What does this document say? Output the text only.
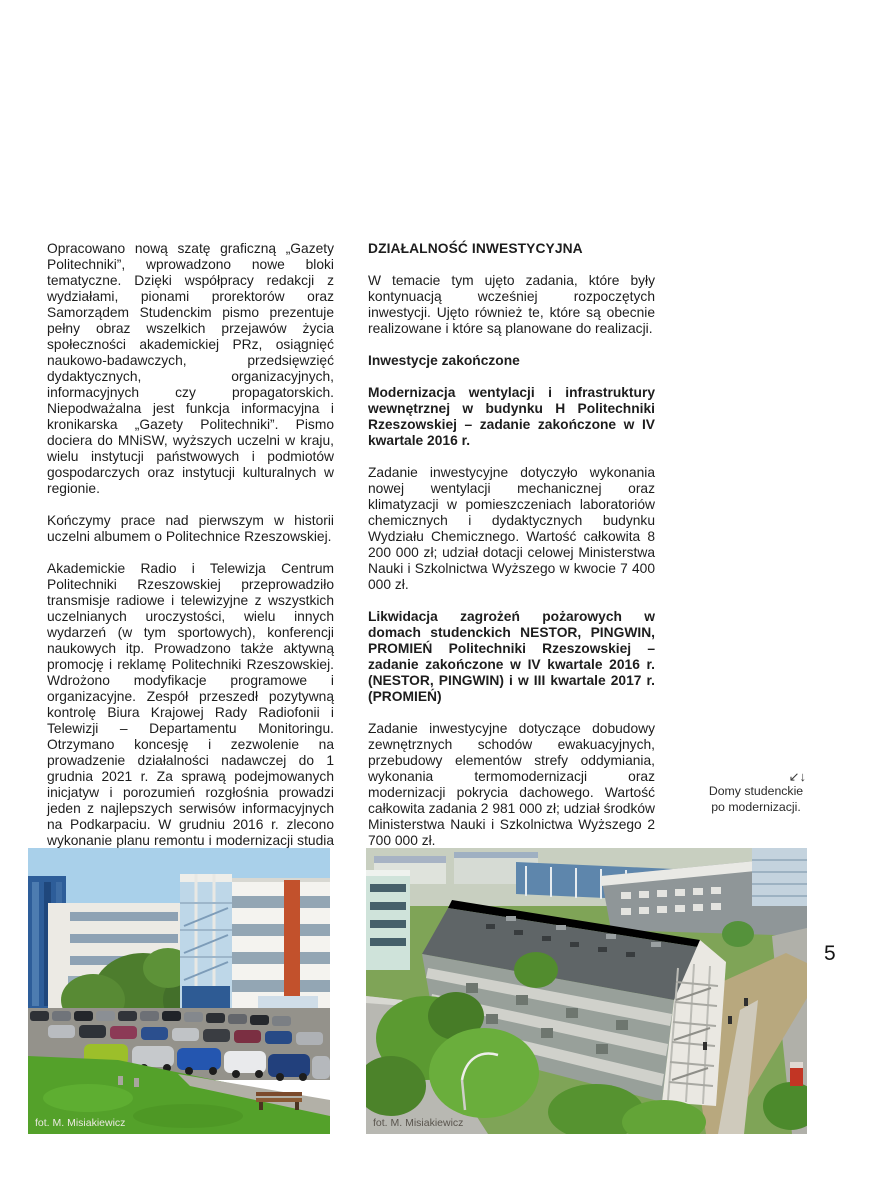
Opracowano nową szatę graficzną „Gazety Politechniki”, wprowadzono nowe bloki tematyczne. Dzięki współpracy redakcji z wydziałami, pionami prorektorów oraz Samorządem Studenckim pismo prezentuje pełny obraz wszelkich przejawów życia społeczności akademickiej PRz, osiągnięć naukowo-badawczych, przedsięwzięć dydaktycznych, organizacyjnych, informacyjnych czy propagatorskich. Niepodważalna jest funkcja informacyjna i kronikarska „Gazety Politechniki”. Pismo dociera do MNiSW, wyższych uczelni w kraju, wielu instytucji państwowych i podmiotów gospodarczych oraz instytucji kulturalnych w regionie.

Kończymy prace nad pierwszym w historii uczelni albumem o Politechnice Rzeszowskiej.

Akademickie Radio i Telewizja Centrum Politechniki Rzeszowskiej przeprowadziło transmisje radiowe i telewizyjne z wszystkich uczelnianych uroczystości, wielu innych wydarzeń (w tym sportowych), konferencji naukowych itp. Prowadzono także aktywną promocję i reklamę Politechniki Rzeszowskiej. Wdrożono modyfikacje programowe i organizacyjne. Zespół przeszedł pozytywną kontrolę Biura Krajowej Rady Radiofonii i Telewizji – Departamentu Monitoringu. Otrzymano koncesję i zezwolenie na prowadzenie działalności nadawczej do 1 grudnia 2021 r. Za sprawą podejmowanych inicjatyw i porozumień rozgłośnia prowadzi jeden z najlepszych serwisów informacyjnych na Podkarpaciu. W grudniu 2016 r. zlecono wykonanie planu remontu i modernizacji studia

DZIAŁALNOŚĆ INWESTYCYJNA

W temacie tym ujęto zadania, które były kontynuacją wcześniej rozpoczętych inwestycji. Ujęto również te, które są obecnie realizowane i które są planowane do realizacji.

Inwestycje zakończone

Modernizacja wentylacji i infrastruktury wewnętrznej w budynku H Politechniki Rzeszowskiej – zadanie zakończone w IV kwartale 2016 r.

Zadanie inwestycyjne dotyczyło wykonania nowej wentylacji mechanicznej oraz klimatyzacji w pomieszczeniach laboratoriów chemicznych i dydaktycznych budynku Wydziału Chemicznego. Wartość całkowita 8 200 000 zł; udział dotacji celowej Ministerstwa Nauki i Szkolnictwa Wyższego w kwocie 7 400 000 zł.

Likwidacja zagrożeń pożarowych w domach studenckich NESTOR, PINGWIN, PROMIEŃ Politechniki Rzeszowskiej – zadanie zakończone w IV kwartale 2016 r. (NESTOR, PINGWIN) i w III kwartale 2017 r. (PROMIEŃ)

Zadanie inwestycyjne dotyczące dobudowy zewnętrznych schodów ewakuacyjnych, przebudowy elementów strefy oddymiania, wykonania termomodernizacji oraz modernizacji pokrycia dachowego. Wartość całkowita zadania 2 981 000 zł; udział środków Ministerstwa Nauki i Szkolnictwa Wyższego 2 700 000 zł.

↙↓
Domy studenckie
po modernizacji.
5
fot. M. Misiakiewicz	fot. M. Misiakiewicz
